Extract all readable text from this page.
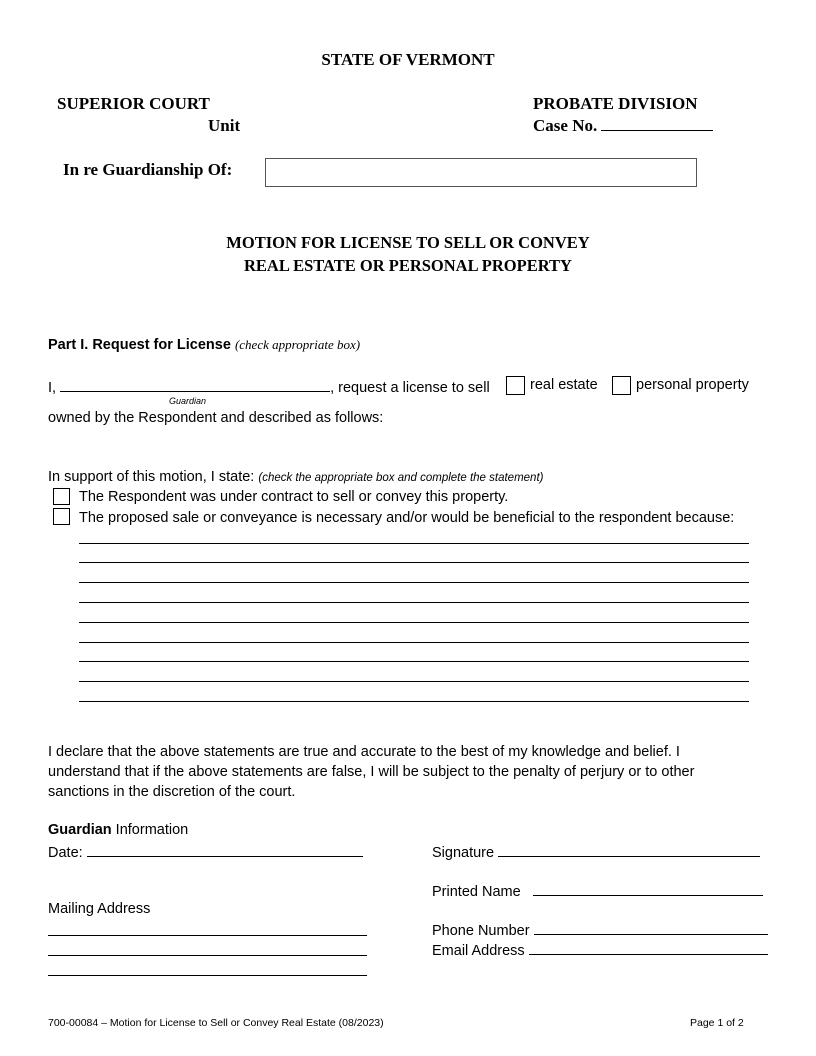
STATE OF VERMONT
SUPERIOR COURT
Unit
PROBATE DIVISION
Case No.
In re Guardianship Of:
MOTION FOR LICENSE TO SELL OR CONVEY
REAL ESTATE OR PERSONAL PROPERTY
Part I. Request for License (check appropriate box)
I,	, request a license to sell
Guardian
real estate	personal property
owned by the Respondent and described as follows:
In support of this motion, I state: (check the appropriate box and complete the statement)
The Respondent was under contract to sell or convey this property.
The proposed sale or conveyance is necessary and/or would be beneficial to the respondent because:
I declare that the above statements are true and accurate to the best of my knowledge and belief. I
understand that if the above statements are false, I will be subject to the penalty of perjury or to other
sanctions in the discretion of the court.
Guardian Information
Date:	Signature
Printed Name
Mailing Address
Phone Number
Email Address
700-00084 – Motion for License to Sell or Convey Real Estate (08/2023)	Page 1 of 2
